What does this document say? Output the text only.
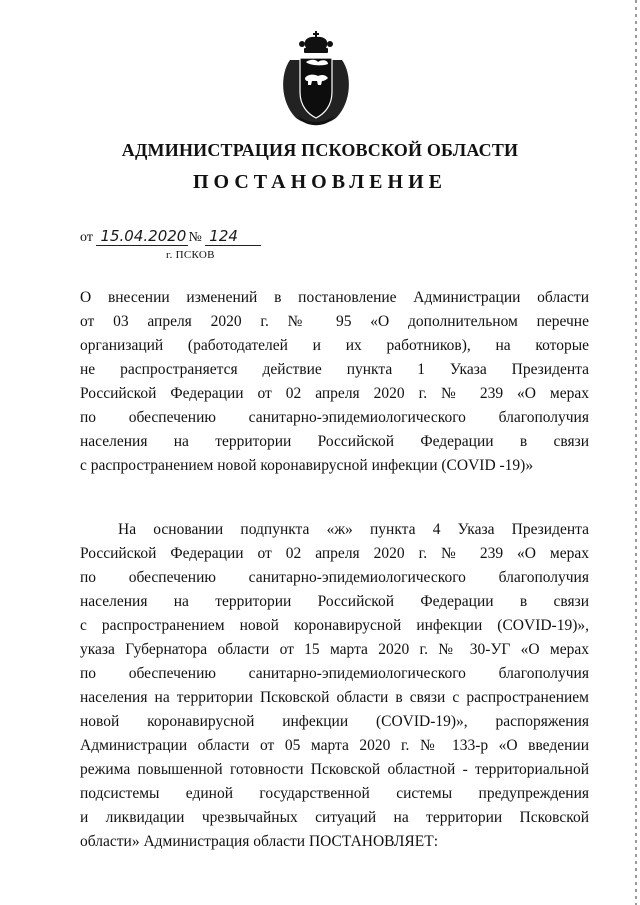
АДМИНИСТРАЦИЯ ПСКОВСКОЙ ОБЛАСТИ
ПОСТАНОВЛЕНИЕ
от 15.04.2020 № 124
г. ПСКОВ
О внесении изменений в постановление Администрации области
от 03 апреля 2020 г. № 95 «О дополнительном перечне
организаций (работодателей и их работников), на которые
не распространяется действие пункта 1 Указа Президента
Российской Федерации от 02 апреля 2020 г. № 239 «О мерах
по обеспечению санитарно-эпидемиологического благополучия
населения на территории Российской Федерации в связи
с распространением новой коронавирусной инфекции (COVID -19)»
На основании подпункта «ж» пункта 4 Указа Президента
Российской Федерации от 02 апреля 2020 г. № 239 «О мерах
по обеспечению санитарно-эпидемиологического благополучия
населения на территории Российской Федерации в связи
с распространением новой коронавирусной инфекции (COVID-19)»,
указа Губернатора области от 15 марта 2020 г. № 30-УГ «О мерах
по обеспечению санитарно-эпидемиологического благополучия
населения на территории Псковской области в связи с распространением
новой коронавирусной инфекции (COVID-19)», распоряжения
Администрации области от 05 марта 2020 г. № 133-р «О введении
режима повышенной готовности Псковской областной - территориальной
подсистемы единой государственной системы предупреждения
и ликвидации чрезвычайных ситуаций на территории Псковской
области» Администрация области ПОСТАНОВЛЯЕТ:
